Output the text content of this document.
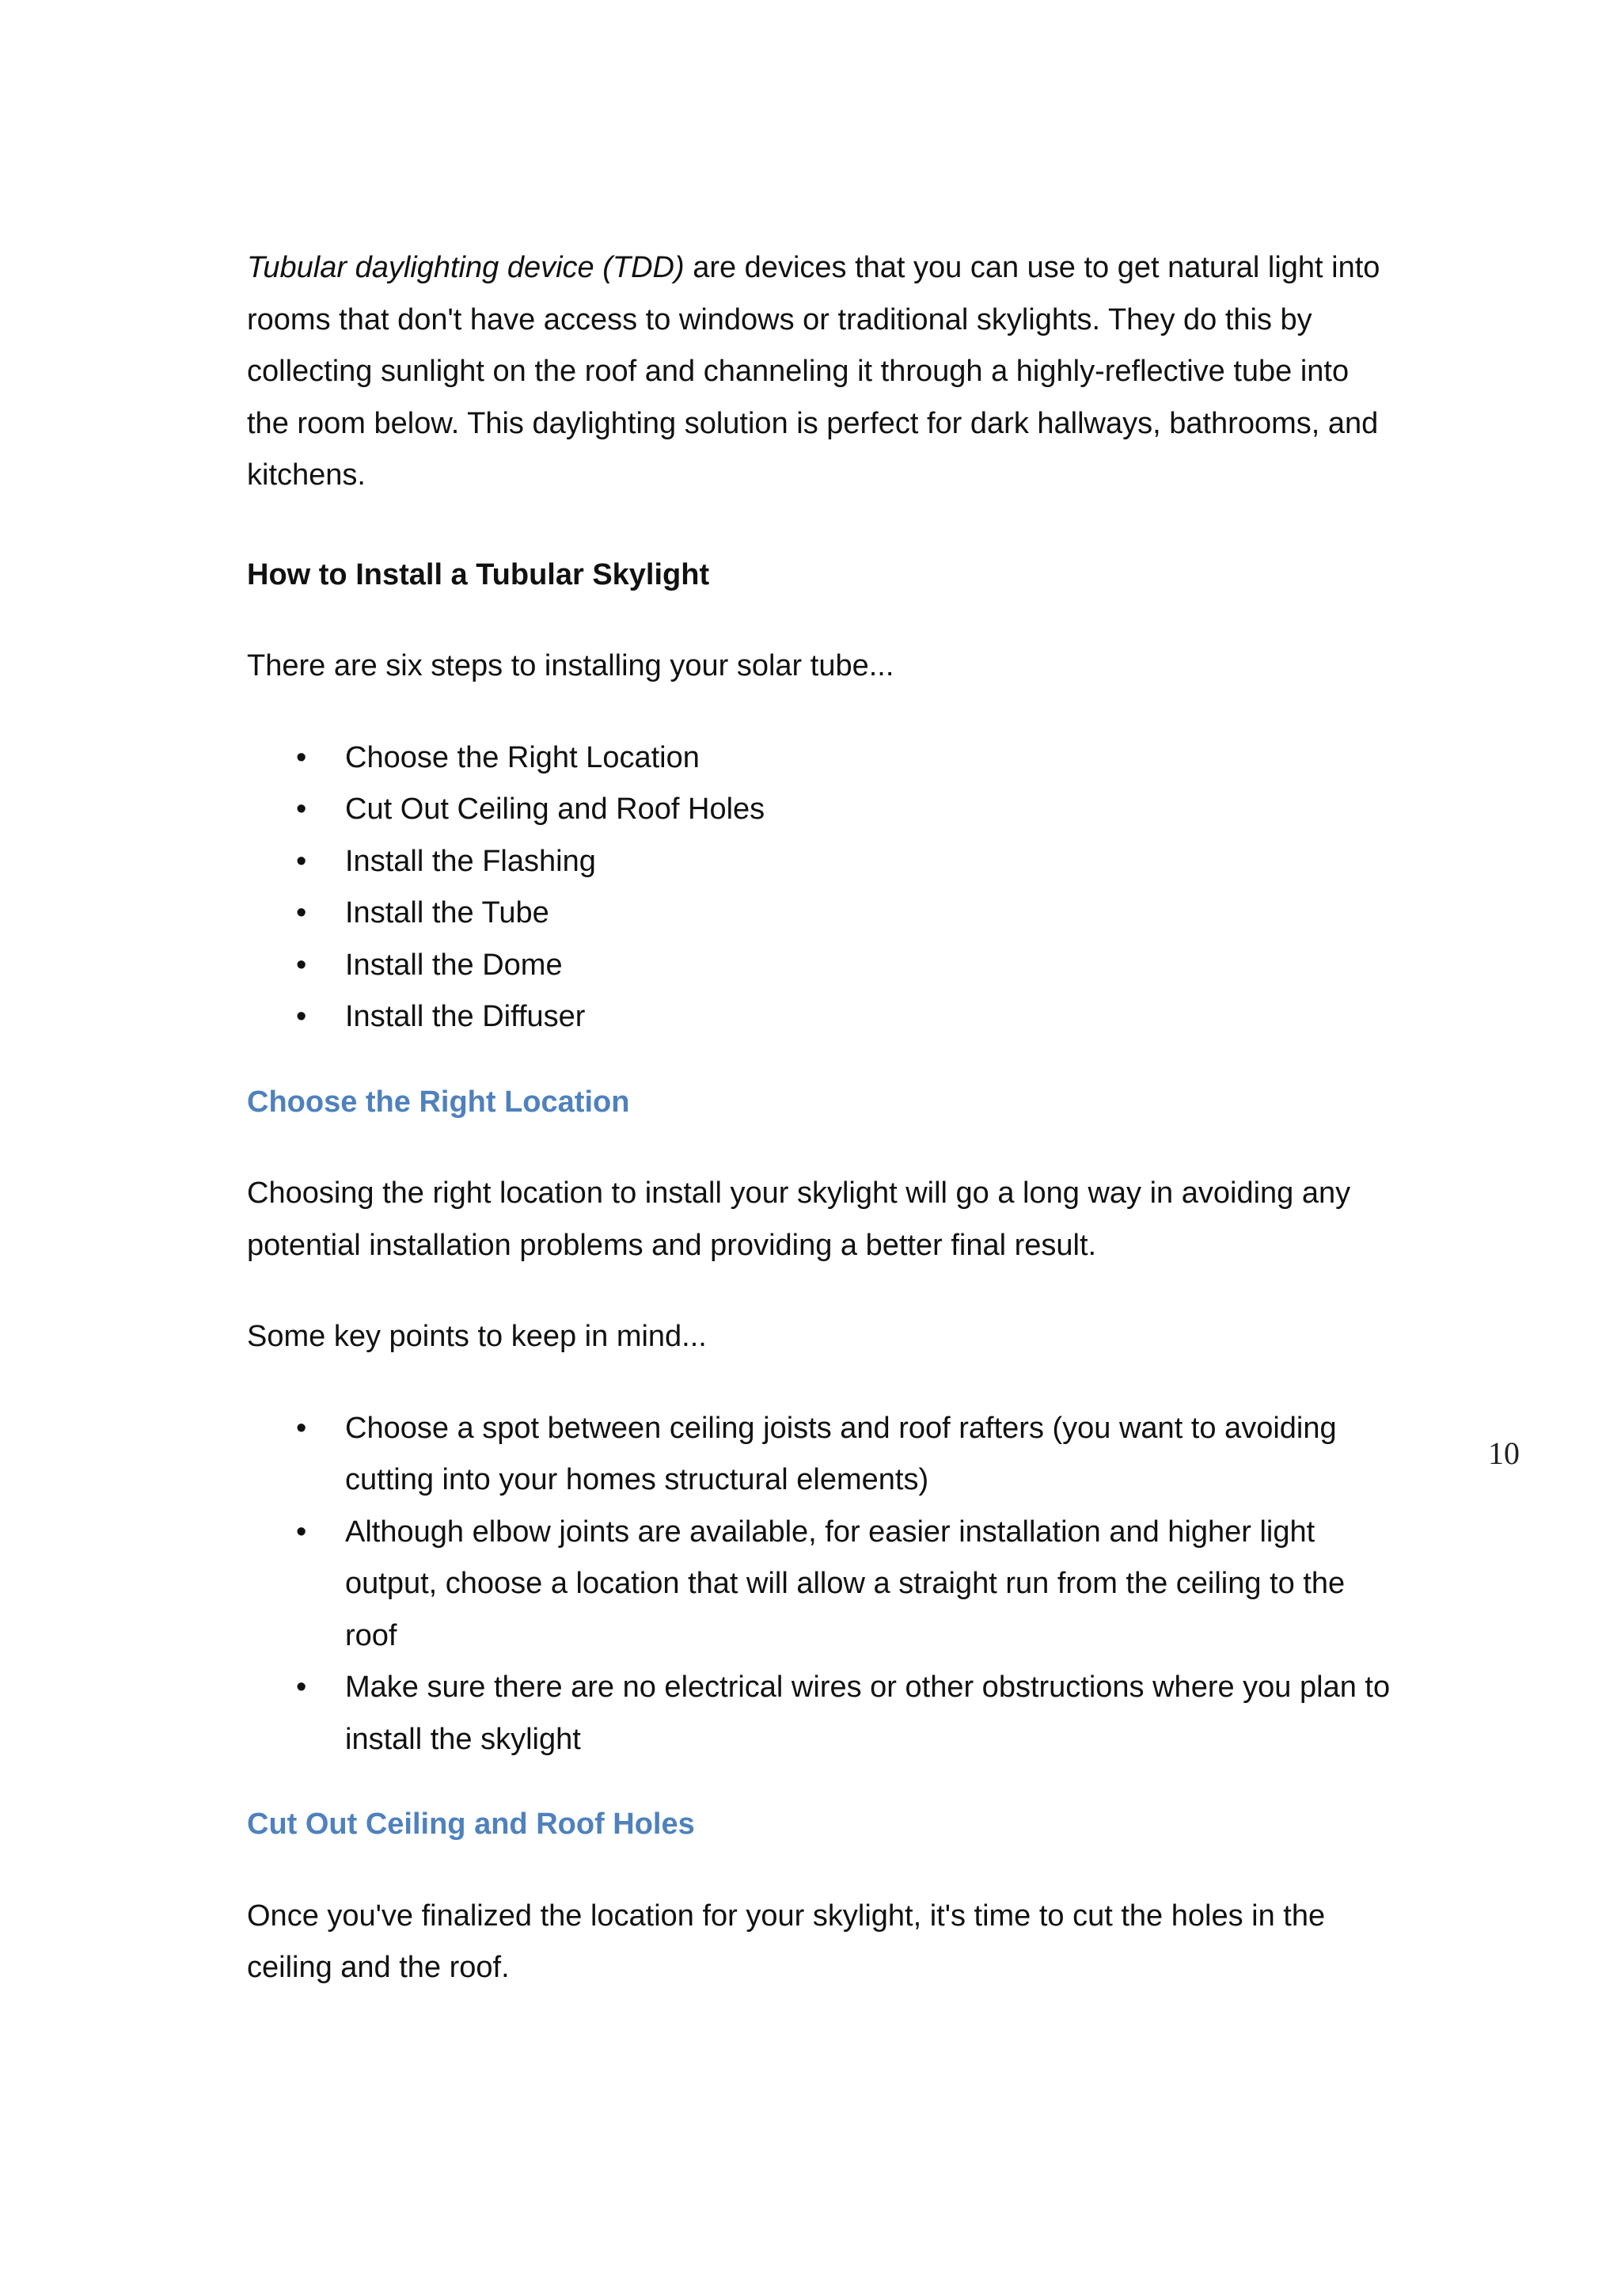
Tubular daylighting device (TDD) are devices that you can use to get natural light into rooms that don't have access to windows or traditional skylights. They do this by collecting sunlight on the roof and channeling it through a highly-reflective tube into the room below. This daylighting solution is perfect for dark hallways, bathrooms, and kitchens.

How to Install a Tubular Skylight

There are six steps to installing your solar tube...

• Choose the Right Location
• Cut Out Ceiling and Roof Holes
• Install the Flashing
• Install the Tube
• Install the Dome
• Install the Diffuser
Choose the Right Location

Choosing the right location to install your skylight will go a long way in avoiding any potential installation problems and providing a better final result.

Some key points to keep in mind...

• Choose a spot between ceiling joists and roof rafters (you want to avoiding cutting into your homes structural elements)
• Although elbow joints are available, for easier installation and higher light output, choose a location that will allow a straight run from the ceiling to the roof
• Make sure there are no electrical wires or other obstructions where you plan to install the skylight
Cut Out Ceiling and Roof Holes

Once you've finalized the location for your skylight, it's time to cut the holes in the ceiling and the roof.

10
